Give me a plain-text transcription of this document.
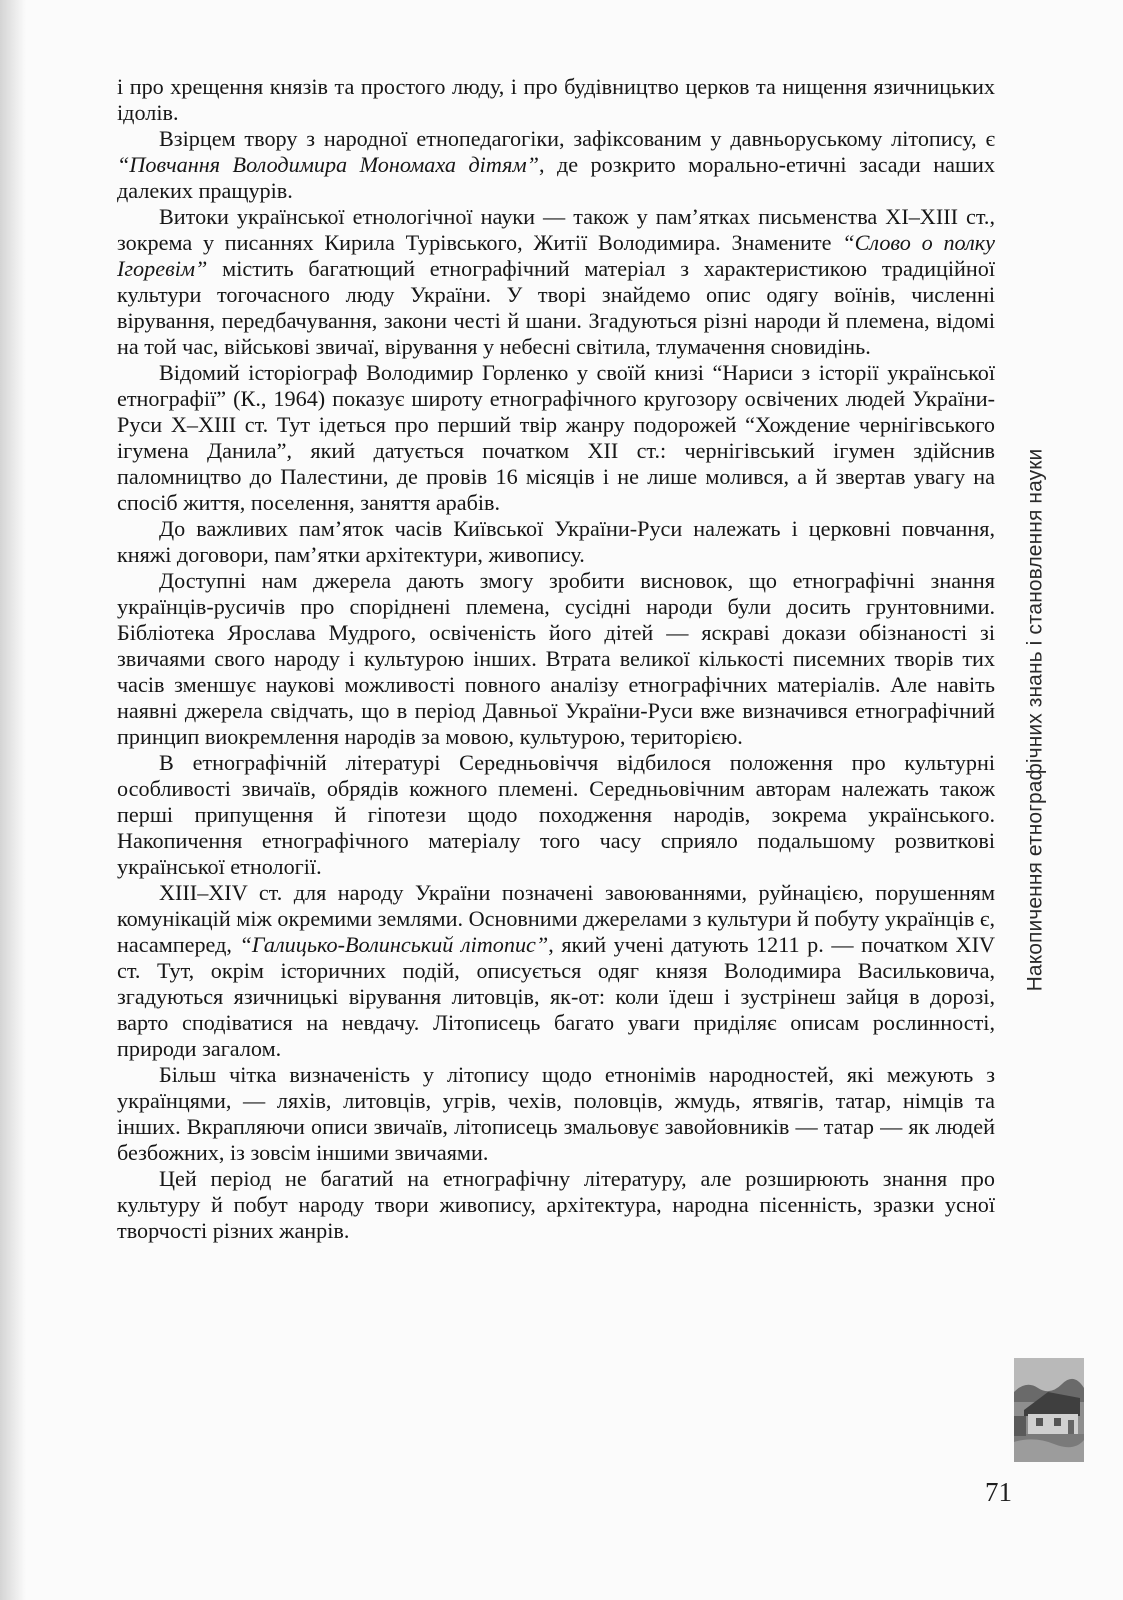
і про хрещення князів та простого люду, і про будівництво церков та нищення язичницьких ідолів.

Взірцем твору з народної етнопедагогіки, зафіксованим у давньоруському літопису, є “Повчання Володимира Мономаха дітям”, де розкрито морально-етичні засади наших далеких пращурів.

Витоки української етнологічної науки — також у пам’ятках письменства XI–XIII ст., зокрема у писаннях Кирила Турівського, Житії Володимира. Знамените “Слово о полку Ігоревім” містить багатющий етнографічний матеріал з характеристикою традиційної культури тогочасного люду України. У творі знайдемо опис одягу воїнів, численні вірування, передбачування, закони честі й шани. Згадуються різні народи й племена, відомі на той час, військові звичаї, вірування у небесні світила, тлумачення сновидінь.

Відомий історіограф Володимир Горленко у своїй книзі “Нариси з історії української етнографії” (К., 1964) показує широту етнографічного кругозору освічених людей України-Руси X–XIII ст. Тут ідеться про перший твір жанру подорожей “Хождение чернігівського ігумена Данила”, який датується початком XII ст.: чернігівський ігумен здійснив паломництво до Палестини, де провів 16 місяців і не лише молився, а й звертав увагу на спосіб життя, поселення, заняття арабів.

До важливих пам’яток часів Київської України-Руси належать і церковні повчання, княжі договори, пам’ятки архітектури, живопису.

Доступні нам джерела дають змогу зробити висновок, що етнографічні знання українців-русичів про споріднені племена, сусідні народи були досить грунтовними. Бібліотека Ярослава Мудрого, освіченість його дітей — яскраві докази обізнаності зі звичаями свого народу і культурою інших. Втрата великої кількості писемних творів тих часів зменшує наукові можливості повного аналізу етнографічних матеріалів. Але навіть наявні джерела свідчать, що в період Давньої України-Руси вже визначився етнографічний принцип виокремлення народів за мовою, культурою, територією.

В етнографічній літературі Середньовіччя відбилося положення про культурні особливості звичаїв, обрядів кожного племені. Середньовічним авторам належать також перші припущення й гіпотези щодо походження народів, зокрема українського. Накопичення етнографічного матеріалу того часу сприяло подальшому розвиткові української етнології.

XIII–XIV ст. для народу України позначені завоюваннями, руйнацією, порушенням комунікацій між окремими землями. Основними джерелами з культури й побуту українців є, насамперед, “Галицько-Волинський літопис”, який учені датують 1211 р. — початком XIV ст. Тут, окрім історичних подій, описується одяг князя Володимира Васильковича, згадуються язичницькі вірування литовців, як-от: коли їдеш і зустрінеш зайця в дорозі, варто сподіватися на невдачу. Літописець багато уваги приділяє описам рослинності, природи загалом.

Більш чітка визначеність у літопису щодо етнонімів народностей, які межують з українцями, — ляхів, литовців, угрів, чехів, половців, жмудь, ятвягів, татар, німців та інших. Вкрапляючи описи звичаїв, літописець змальовує завойовників — татар — як людей безбожних, із зовсім іншими звичаями.

Цей період не багатий на етнографічну літературу, але розширюють знання про культуру й побут народу твори живопису, архітектура, народна пісенність, зразки усної творчості різних жанрів.

Накопичення етнографічних знань і становлення науки
71
